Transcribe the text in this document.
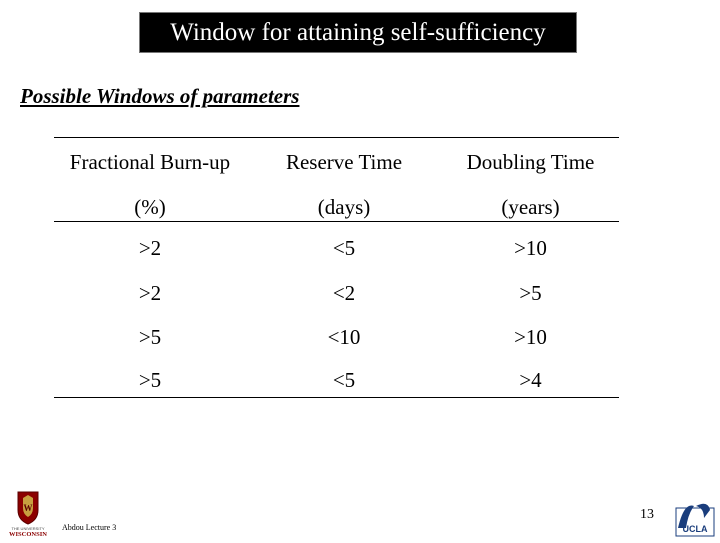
Window for attaining self-sufficiency
Possible Windows of parameters
Fractional Burn-up	Reserve Time	Doubling Time
(%)	(days)	(years)
>2	<5	>10
>2	<2	>5
>5	<10	>10
>5	<5	>4
W
THE UNIVERSITY
WISCONSIN
Abdou Lecture 3
13
UCLA
